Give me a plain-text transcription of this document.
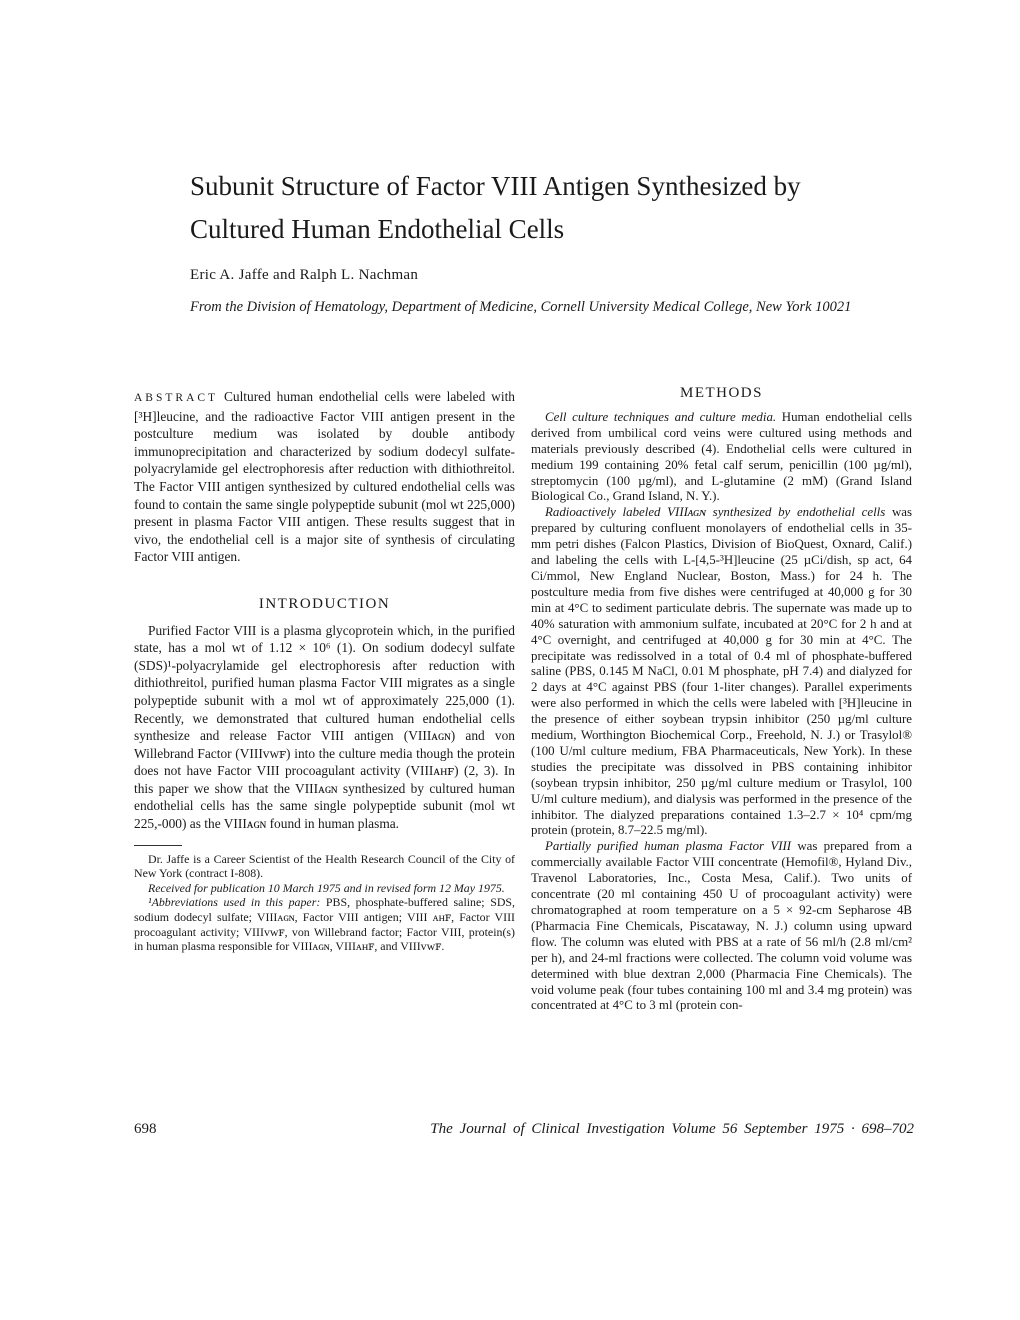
Subunit Structure of Factor VIII Antigen Synthesized by Cultured Human Endothelial Cells
Eric A. Jaffe and Ralph L. Nachman
From the Division of Hematology, Department of Medicine, Cornell University Medical College, New York 10021

ABSTRACT Cultured human endothelial cells were labeled with [³H]leucine, and the radioactive Factor VIII antigen present in the postculture medium was isolated by double antibody immunoprecipitation and characterized by sodium dodecyl sulfate-polyacrylamide gel electrophoresis after reduction with dithiothreitol. The Factor VIII antigen synthesized by cultured endothelial cells was found to contain the same single polypeptide subunit (mol wt 225,000) present in plasma Factor VIII antigen. These results suggest that in vivo, the endothelial cell is a major site of synthesis of circulating Factor VIII antigen.

INTRODUCTION

Purified Factor VIII is a plasma glycoprotein which, in the purified state, has a mol wt of 1.12 × 10⁶ (1). On sodium dodecyl sulfate (SDS)¹-polyacrylamide gel electrophoresis after reduction with dithiothreitol, purified human plasma Factor VIII migrates as a single polypeptide subunit with a mol wt of approximately 225,000 (1). Recently, we demonstrated that cultured human endothelial cells synthesize and release Factor VIII antigen (VIIIᴀɢɴ) and von Willebrand Factor (VIIIᴠᴡꜰ) into the culture media though the protein does not have Factor VIII procoagulant activity (VIIIᴀʜꜰ) (2, 3). In this paper we show that the VIIIᴀɢɴ synthesized by cultured human endothelial cells has the same single polypeptide subunit (mol wt 225,-000) as the VIIIᴀɢɴ found in human plasma.

Dr. Jaffe is a Career Scientist of the Health Research Council of the City of New York (contract I-808).

Received for publication 10 March 1975 and in revised form 12 May 1975.

¹Abbreviations used in this paper: PBS, phosphate-buffered saline; SDS, sodium dodecyl sulfate; VIIIᴀɢɴ, Factor VIII antigen; VIII ᴀʜꜰ, Factor VIII procoagulant activity; VIIIᴠᴡꜰ, von Willebrand factor; Factor VIII, protein(s) in human plasma responsible for VIIIᴀɢɴ, VIIIᴀʜꜰ, and VIIIᴠᴡꜰ.

METHODS

Cell culture techniques and culture media. Human endothelial cells derived from umbilical cord veins were cultured using methods and materials previously described (4). Endothelial cells were cultured in medium 199 containing 20% fetal calf serum, penicillin (100 µg/ml), streptomycin (100 µg/ml), and L-glutamine (2 mM) (Grand Island Biological Co., Grand Island, N. Y.).

Radioactively labeled VIIIᴀɢɴ synthesized by endothelial cells was prepared by culturing confluent monolayers of endothelial cells in 35-mm petri dishes (Falcon Plastics, Division of BioQuest, Oxnard, Calif.) and labeling the cells with L-[4,5-³H]leucine (25 µCi/dish, sp act, 64 Ci/mmol, New England Nuclear, Boston, Mass.) for 24 h. The postculture media from five dishes were centrifuged at 40,000 g for 30 min at 4°C to sediment particulate debris. The supernate was made up to 40% saturation with ammonium sulfate, incubated at 20°C for 2 h and at 4°C overnight, and centrifuged at 40,000 g for 30 min at 4°C. The precipitate was redissolved in a total of 0.4 ml of phosphate-buffered saline (PBS, 0.145 M NaCl, 0.01 M phosphate, pH 7.4) and dialyzed for 2 days at 4°C against PBS (four 1-liter changes). Parallel experiments were also performed in which the cells were labeled with [³H]leucine in the presence of either soybean trypsin inhibitor (250 µg/ml culture medium, Worthington Biochemical Corp., Freehold, N. J.) or Trasylol® (100 U/ml culture medium, FBA Pharmaceuticals, New York). In these studies the precipitate was dissolved in PBS containing inhibitor (soybean trypsin inhibitor, 250 µg/ml culture medium or Trasylol, 100 U/ml culture medium), and dialysis was performed in the presence of the inhibitor. The dialyzed preparations contained 1.3–2.7 × 10⁴ cpm/mg protein (protein, 8.7–22.5 mg/ml).

Partially purified human plasma Factor VIII was prepared from a commercially available Factor VIII concentrate (Hemofil®, Hyland Div., Travenol Laboratories, Inc., Costa Mesa, Calif.). Two units of concentrate (20 ml containing 450 U of procoagulant activity) were chromatographed at room temperature on a 5 × 92-cm Sepharose 4B (Pharmacia Fine Chemicals, Piscataway, N. J.) column using upward flow. The column was eluted with PBS at a rate of 56 ml/h (2.8 ml/cm² per h), and 24-ml fractions were collected. The column void volume was determined with blue dextran 2,000 (Pharmacia Fine Chemicals). The void volume peak (four tubes containing 100 ml and 3.4 mg protein) was concentrated at 4°C to 3 ml (protein con-

698	The Journal of Clinical Investigation Volume 56 September 1975 · 698–702
